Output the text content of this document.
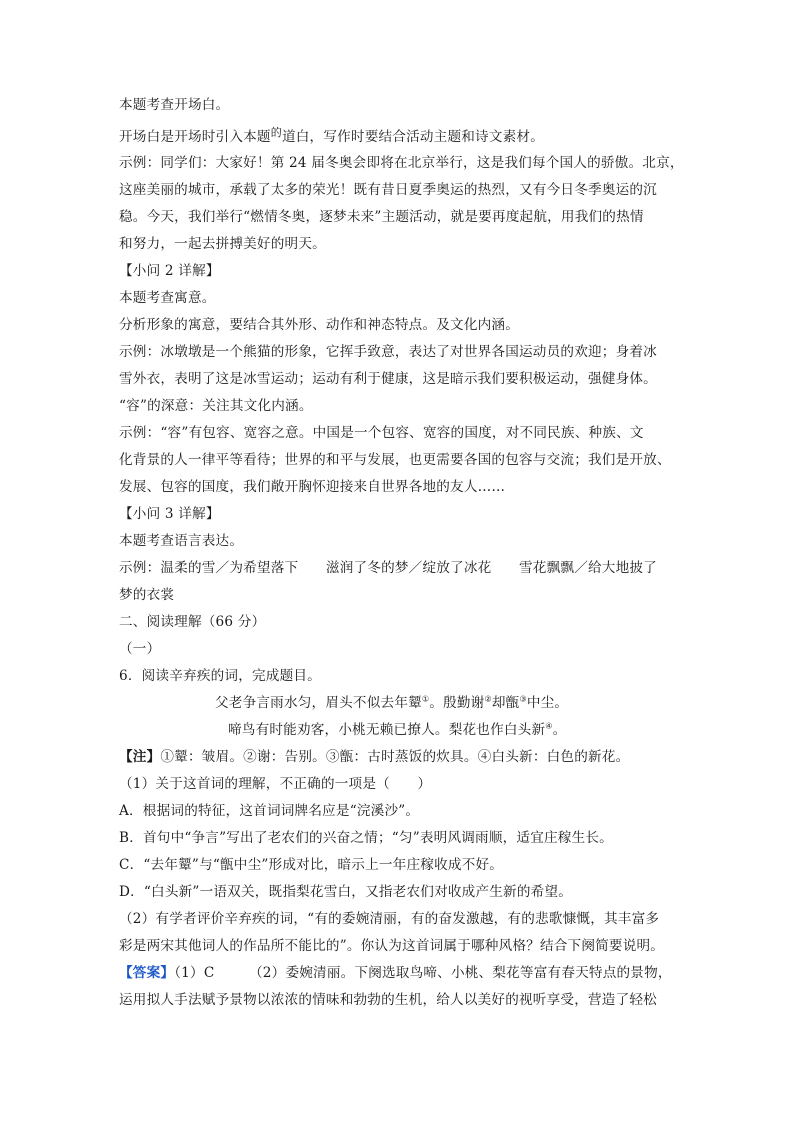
本题考查开场白。
开场白是开场时引入本题$^的$道白，写作时要结合活动主题和诗文素材。
示例：同学们：大家好！第 24 届冬奥会即将在北京举行，这是我们每个国人的骄傲。北京，
这座美丽的城市，承载了太多的荣光！既有昔日夏季奥运的热烈，又有今日冬季奥运的沉
稳。今天，我们举行“燃情冬奥，逐梦未来”主题活动，就是要再度起航，用我们的热情
和努力，一起去拼搏美好的明天。
【小问 2 详解】
本题考查寓意。
分析形象的寓意，要结合其外形、动作和神态特点。及文化内涵。
示例：冰墩墩是一个熊猫的形象，它挥手致意，表达了对世界各国运动员的欢迎；身着冰
雪外衣，表明了这是冰雪运动；运动有利于健康，这是暗示我们要积极运动，强健身体。
“容”的深意：关注其文化内涵。
示例：“容”有包容、宽容之意。中国是一个包容、宽容的国度，对不同民族、种族、文
化背景的人一律平等看待；世界的和平与发展，也更需要各国的包容与交流；我们是开放、
发展、包容的国度，我们敞开胸怀迎接来自世界各地的友人……
【小问 3 详解】
本题考查语言表达。
示例：温柔的雪／为希望落下　　滋润了冬的梦／绽放了冰花　　雪花飘飘／给大地披了
梦的衣裳
二、阅读理解（66 分）
（一）
6．阅读辛弃疾的词，完成题目。
父老争言雨水匀，眉头不似去年颦①。殷勤谢②却甑③中尘。
啼鸟有时能劝客，小桃无赖已撩人。梨花也作白头新④。
【注】①颦：皱眉。②谢：告别。③甑：古时蒸饭的炊具。④白头新：白色的新花。
（1）关于这首词的理解，不正确的一项是（　　）
A．根据词的特征，这首词词牌名应是“浣溪沙”。
B．首句中“争言”写出了老农们的兴奋之情；“匀”表明风调雨顺，适宜庄稼生长。
C．“去年颦”与“甑中尘”形成对比，暗示上一年庄稼收成不好。
D．“白头新”一语双关，既指梨花雪白，又指老农们对收成产生新的希望。
（2）有学者评价辛弃疾的词，“有的委婉清丽，有的奋发激越，有的悲歌慷慨，其丰富多
彩是两宋其他词人的作品所不能比的”。你认为这首词属于哪种风格？结合下阕简要说明。
【答案】（1）C　　　（2）委婉清丽。下阕选取鸟啼、小桃、梨花等富有春天特点的景物，
运用拟人手法赋予景物以浓浓的情味和勃勃的生机，给人以美好的视听享受，营造了轻松
